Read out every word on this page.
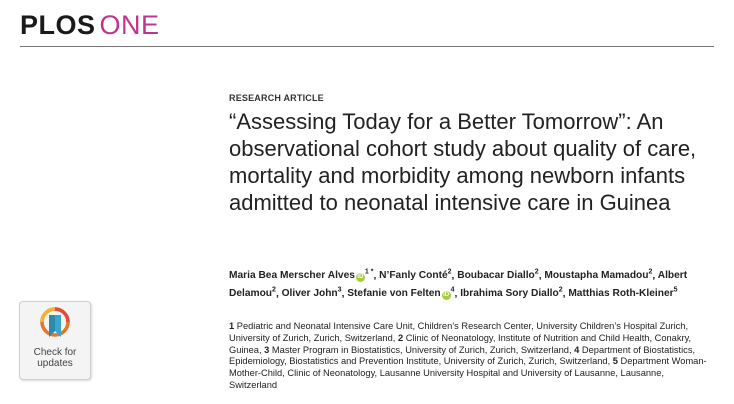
PLOS ONE
RESEARCH ARTICLE
“Assessing Today for a Better Tomorrow”: An observational cohort study about quality of care, mortality and morbidity among newborn infants admitted to neonatal intensive care in Guinea
Maria Bea Merscher Alves $iD^{1 *}$, N’Fanly Conté$^2$, Boubacar Diallo$^2$, Moustapha Mamadou$^2$, Albert Delamou$^2$, Oliver John$^3$, Stefanie von Felten $iD^4$, Ibrahima Sory Diallo$^2$, Matthias Roth-Kleiner$^5$
1 Pediatric and Neonatal Intensive Care Unit, Children’s Research Center, University Children’s Hospital Zurich, University of Zurich, Zurich, Switzerland, 2 Clinic of Neonatology, Institute of Nutrition and Child Health, Conakry, Guinea, 3 Master Program in Biostatistics, University of Zurich, Zurich, Switzerland, 4 Department of Biostatistics, Epidemiology, Biostatistics and Prevention Institute, University of Zurich, Zurich, Switzerland, 5 Department Woman-Mother-Child, Clinic of Neonatology, Lausanne University Hospital and University of Lausanne, Lausanne, Switzerland
Check for
updates
